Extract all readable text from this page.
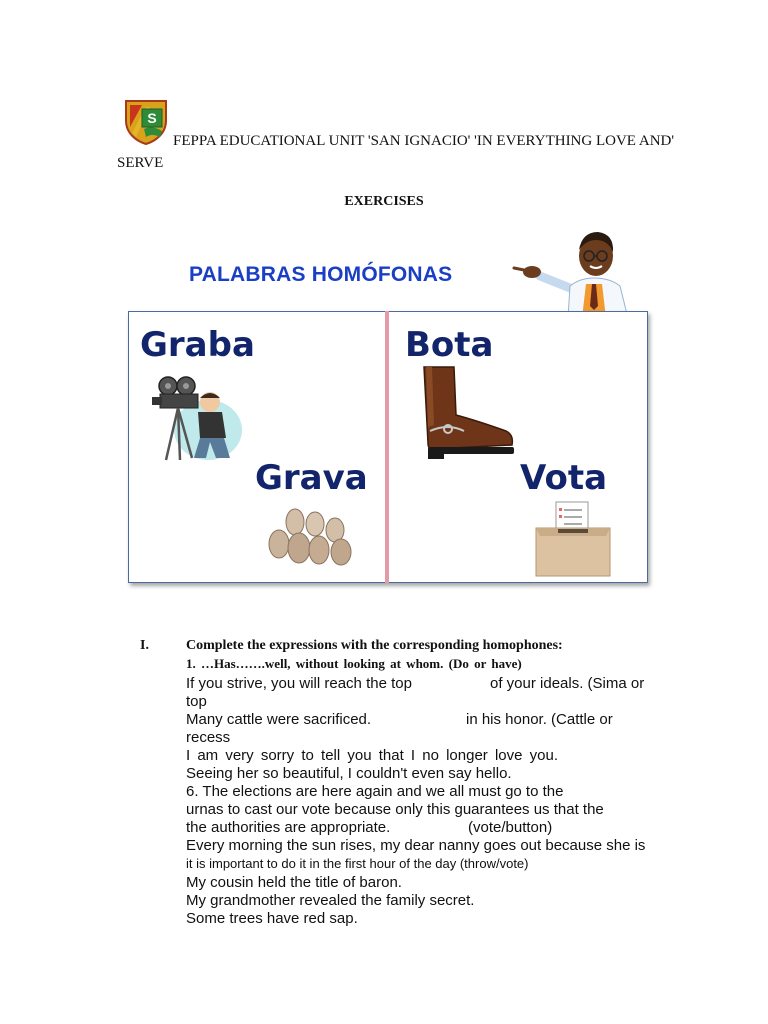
S
FEPPA EDUCATIONAL UNIT 'SAN IGNACIO' 'IN EVERYTHING LOVE AND'
SERVE
EXERCISES
PALABRAS HOMÓFONAS
Graba	Bota
Grava	Vota
I.	Complete the expressions with the corresponding homophones:
1. …Has…….well, without looking at whom. (Do or have)
If you strive, you will reach the top	of your ideals. (Sima or
top
Many cattle were sacrificed.	in his honor. (Cattle or
recess
I am very sorry to tell you that I no longer love you.
Seeing her so beautiful, I couldn't even say hello.
6. The elections are here again and we all must go to the
urnas to cast our vote because only this guarantees us that the
the authorities are appropriate.	(vote/button)
Every morning the sun rises, my dear nanny goes out because she is
it is important to do it in the first hour of the day (throw/vote)
My cousin held the title of baron.
My grandmother revealed the family secret.
Some trees have red sap.
